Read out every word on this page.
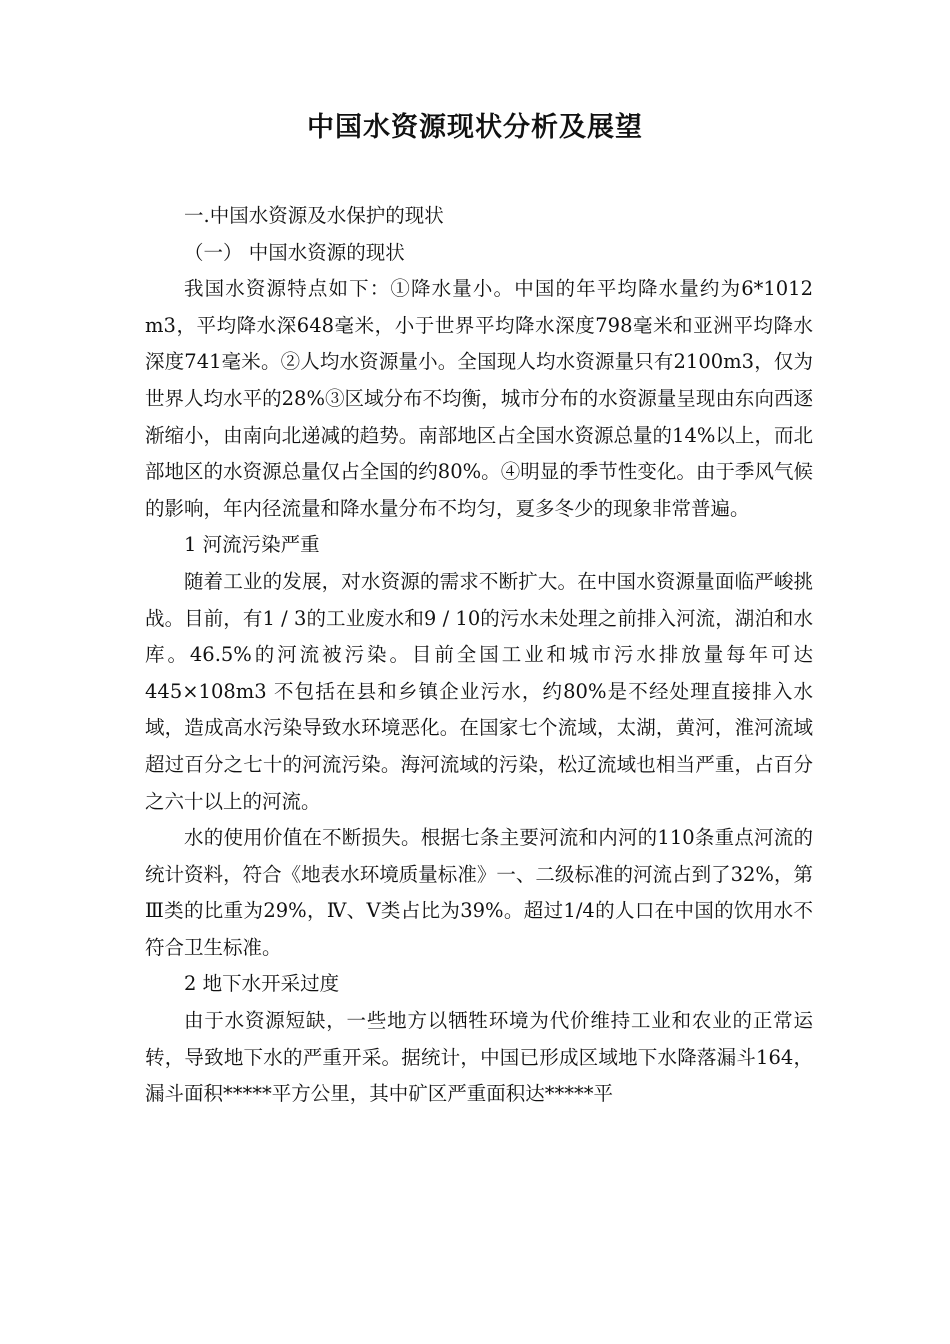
中国水资源现状分析及展望

一.中国水资源及水保护的现状

（一） 中国水资源的现状

我国水资源特点如下：①降水量小。中国的年平均降水量约为6*1012 m3，平均降水深648毫米，小于世界平均降水深度798毫米和亚洲平均降水深度741毫米。②人均水资源量小。全国现人均水资源量只有2100m3，仅为世界人均水平的28%③区域分布不均衡，城市分布的水资源量呈现由东向西逐渐缩小，由南向北递减的趋势。南部地区占全国水资源总量的14%以上，而北部地区的水资源总量仅占全国的约80%。④明显的季节性变化。由于季风气候的影响，年内径流量和降水量分布不均匀，夏多冬少的现象非常普遍。

1 河流污染严重

随着工业的发展，对水资源的需求不断扩大。在中国水资源量面临严峻挑战。目前，有1 / 3的工业废水和9 / 10的污水未处理之前排入河流，湖泊和水库。46.5%的河流被污染。目前全国工业和城市污水排放量每年可达445×108m3 不包括在县和乡镇企业污水，约80%是不经处理直接排入水域，造成高水污染导致水环境恶化。在国家七个流域，太湖，黄河，淮河流域超过百分之七十的河流污染。海河流域的污染，松辽流域也相当严重，占百分之六十以上的河流。

水的使用价值在不断损失。根据七条主要河流和内河的110条重点河流的统计资料，符合《地表水环境质量标准》一、二级标准的河流占到了32%，第Ⅲ类的比重为29%，Ⅳ、Ⅴ类占比为39%。超过1/4的人口在中国的饮用水不符合卫生标准。

2 地下水开采过度

由于水资源短缺，一些地方以牺牲环境为代价维持工业和农业的正常运转，导致地下水的严重开采。据统计，中国已形成区域地下水降落漏斗164，漏斗面积*****平方公里，其中矿区严重面积达*****平
